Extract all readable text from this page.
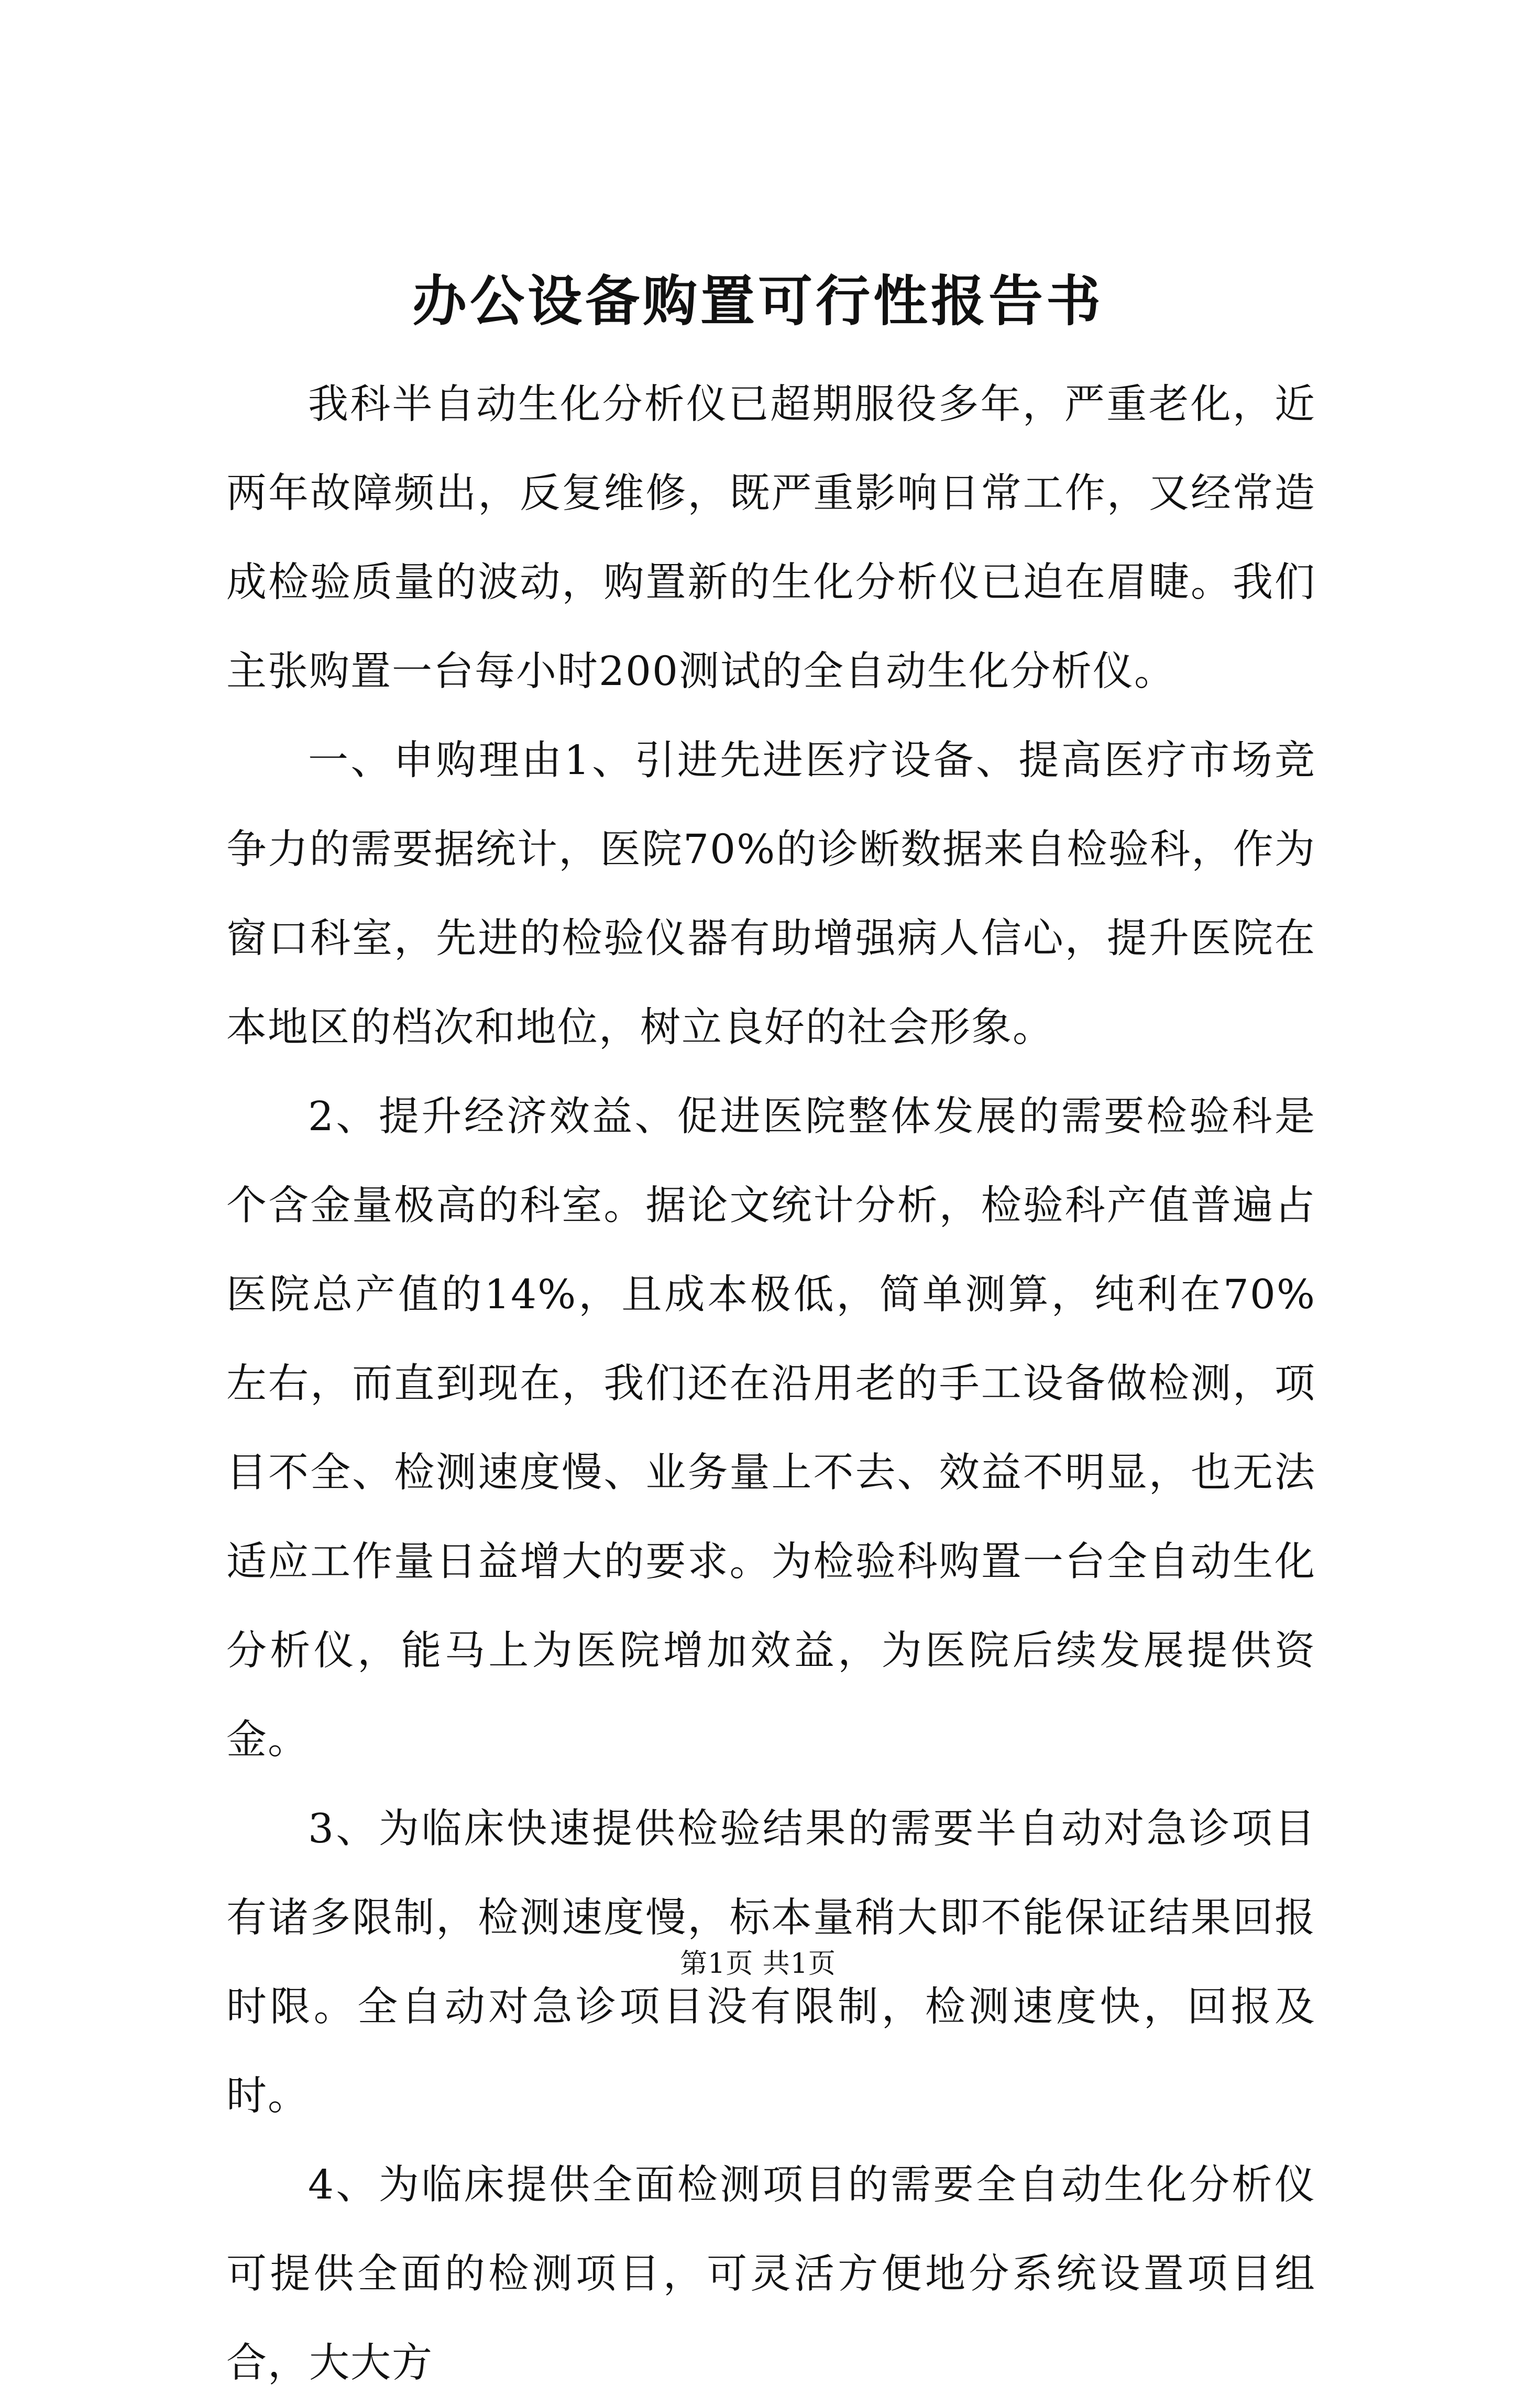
办公设备购置可行性报告书

我科半自动生化分析仪已超期服役多年，严重老化，近两年故障频出，反复维修，既严重影响日常工作，又经常造成检验质量的波动，购置新的生化分析仪已迫在眉睫。我们主张购置一台每小时200测试的全自动生化分析仪。

一、申购理由1、引进先进医疗设备、提高医疗市场竞争力的需要据统计，医院70%的诊断数据来自检验科，作为窗口科室，先进的检验仪器有助增强病人信心，提升医院在本地区的档次和地位，树立良好的社会形象。

2、提升经济效益、促进医院整体发展的需要检验科是个含金量极高的科室。据论文统计分析，检验科产值普遍占医院总产值的14%，且成本极低，简单测算，纯利在70%左右，而直到现在，我们还在沿用老的手工设备做检测，项目不全、检测速度慢、业务量上不去、效益不明显，也无法适应工作量日益增大的要求。为检验科购置一台全自动生化分析仪，能马上为医院增加效益，为医院后续发展提供资金。

3、为临床快速提供检验结果的需要半自动对急诊项目有诸多限制，检测速度慢，标本量稍大即不能保证结果回报时限。全自动对急诊项目没有限制，检测速度快，回报及时。

4、为临床提供全面检测项目的需要全自动生化分析仪可提供全面的检测项目，可灵活方便地分系统设置项目组合，大大方

第1页 共1页
